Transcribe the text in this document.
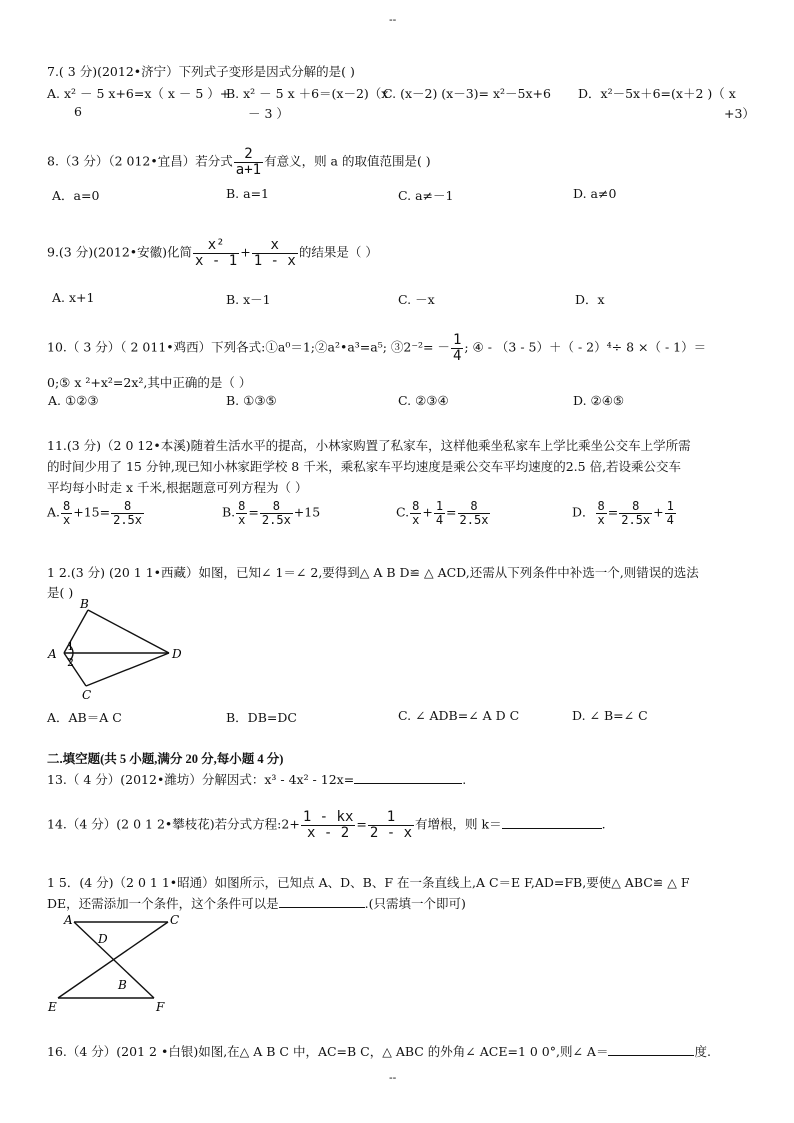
--
7.( 3 分)(2012•济宁）下列式子变形是因式分解的是( )
A. x² － 5 x+6=x（ x － 5 ）+
6
B. x² － 5 x ＋6＝(x－2)（x
－ 3 ）
C. (x－2) (x－3)= x²－5x+6 D．x²－5x＋6=(x＋2 )（ x
+3）
8.（3 分）（2 012•宜昌）若分式 $\frac{2}{a+1}$ 有意义，则 a 的取值范围是( )
A．a=0	B. a=1	C. a≠－1	D. a≠0
9.(3 分)(2012•安徽)化简 $\frac{\text{x²}}{x - 1} + \frac{x}{1 - x}$ 的结果是（ ）
A. x+1	B. x－1	C. －x	D．x
10.（ 3 分）（ 2 011•鸡西）下列各式:①a⁰＝1;②a²•a³=a⁵; ③2⁻²= － $\frac{1}{4}$ ; ④ - （3 - 5）＋（ - 2）⁴÷ 8 ×（ - 1）＝
0;⑤ x ²+x²=2x²,其中正确的是（ ）
A. ①②③	B. ①③⑤	C. ②③④	D. ②④⑤
11.(3 分)（2 0 12•本溪)随着生活水平的提高，小林家购置了私家车，这样他乘坐私家车上学比乘坐公交车上学所需
的时间少用了 15 分钟,现已知小林家距学校 8 千米，乘私家车平均速度是乘公交车平均速度的2.5 倍,若设乘公交车
平均每小时走 x 千米,根据题意可列方程为（ ）
A. $\frac{8}{x} +15= \frac{8}{2.5x}$	B. $\frac{8}{x} = \frac{8}{2.5x} +15$	C. $\frac{8}{x} + \frac{1}{4} = \frac{8}{2.5x}$	D． $\frac{8}{x} = \frac{8}{2.5x} + \frac{1}{4}$
1 2.(3 分) (20 1 1•西藏）如图，已知∠ 1＝∠ 2,要得到△ A B D≌ △ ACD,还需从下列条件中补选一个,则错误的选法
是( )
B
A
C
D
1
2
A．AB＝A C	B．DB=DC	C. ∠ ADB=∠ A D C	D. ∠ B=∠ C
二.填空题(共 5 小题,满分 20 分,每小题 4 分)
13.（ 4 分）(2012•潍坊）分解因式：x³ - 4x² - 12x=	.
14.（4 分）(2 0 1 2•攀枝花)若分式方程:2+ $\frac{1 - kx}{x - 2} = \frac{1}{2 - x}$ 有增根，则 k＝	.
1 5．(4 分)（2 0 1 1•昭通）如图所示，已知点 A、D、B、F 在一条直线上,A C＝E F,AD=FB,要使△ ABC≌ △ F
DE，还需添加一个条件，这个条件可以是	.(只需填一个即可)
A	C
D
B
E	F
16.（4 分）(201 2 •白银)如图,在△ A B C 中，AC=B C，△ ABC 的外角∠ ACE=1 0 0°,则∠ A＝	度.
--
